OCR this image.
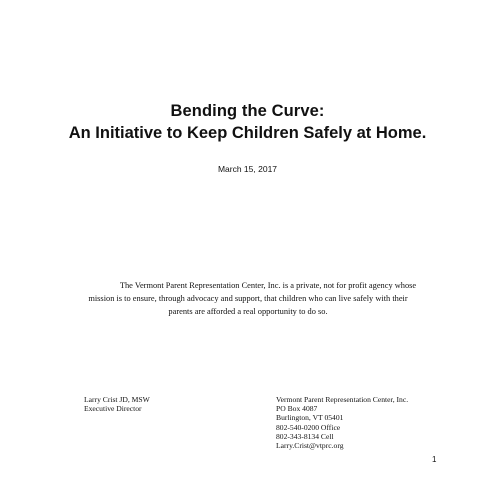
Bending the Curve:
An Initiative to Keep Children Safely at Home.
March 15, 2017
The Vermont Parent Representation Center, Inc. is a private, not for profit agency whose
mission is to ensure, through advocacy and support, that children who can live safely with their
parents are afforded a real opportunity to do so.
Larry Crist JD, MSW
Executive Director
Vermont Parent Representation Center, Inc.
PO Box 4087
Burlington, VT 05401
802-540-0200 Office
802-343-8134 Cell
Larry.Crist@vtprc.org
1
